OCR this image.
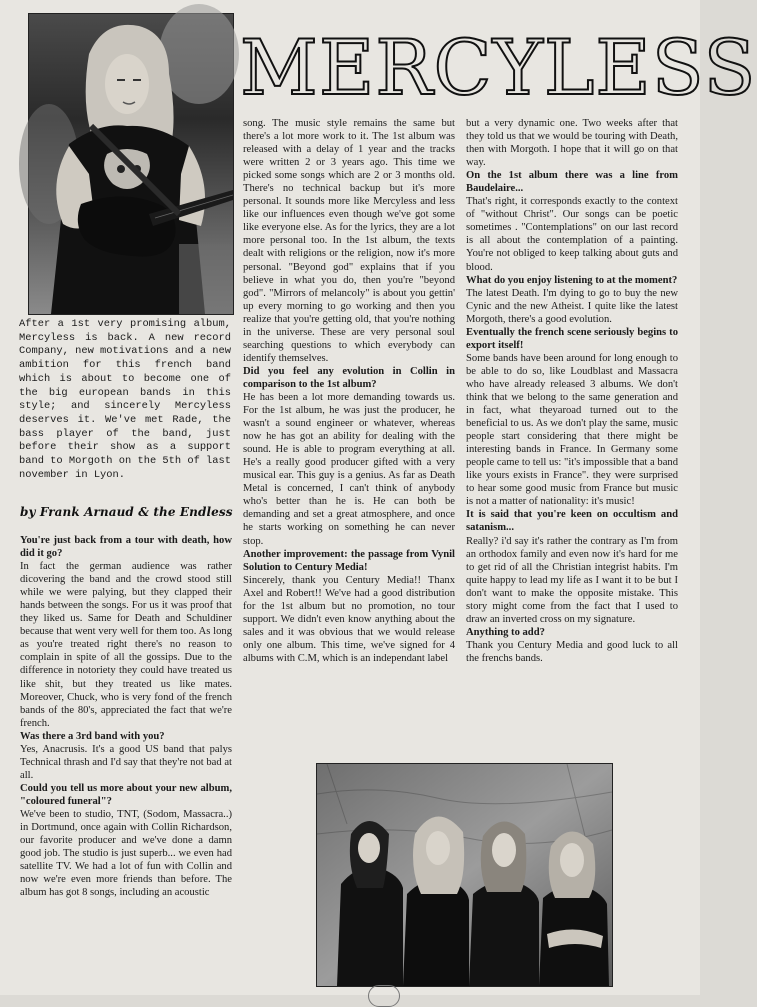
MERCYLESS

After a 1st very promising album, Mercyless is back. A new record Company, new motivations and a new ambition for this french band which is about to become one of the big european bands in this style; and sincerely Mercyless deserves it. We've met Rade, the bass player of the band, just before their show as a support band to Morgoth on the 5th of last november in Lyon.

by Frank Arnaud & the Endless

You're just back from a tour with death, how did it go?

In fact the german audience was rather dicovering the band and the crowd stood still while we were palying, but they clapped their hands between the songs. For us it was proof that they liked us. Same for Death and Schuldiner because that went very well for them too. As long as you're treated right there's no reason to complain in spite of all the gossips. Due to the difference in notoriety they could have treated us like shit, but they treated us like mates. Moreover, Chuck, who is very fond of the french bands of the 80's, appreciated the fact that we're french.

Was there a 3rd band with you?

Yes, Anacrusis. It's a good US band that palys Technical thrash and I'd say that they're not bad at all.

Could you tell us more about your new album, "coloured funeral"?

We've been to studio, TNT, (Sodom, Massacra..) in Dortmund, once again with Collin Richardson, our favorite producer and we've done a damn good job. The studio is just superb... we even had satellite TV. We had a lot of fun with Collin and now we're even more friends than before. The album has got 8 songs, including an acoustic

song. The music style remains the same but there's a lot more work to it. The 1st album was released with a delay of 1 year and the tracks were written 2 or 3 years ago. This time we picked some songs which are 2 or 3 months old. There's no technical backup but it's more personal. It sounds more like Mercyless and less like our influences even though we've got some like everyone else. As for the lyrics, they are a lot more personal too. In the 1st album, the texts dealt with religions or the religion, now it's more personal. "Beyond god" explains that if you believe in what you do, then you're "beyond god". "Mirrors of melancoly" is about you gettin' up every morning to go working and then you realize that you're getting old, that you're nothing in the universe. These are very personal soul searching questions to which everybody can identify themselves.

Did you feel any evolution in Collin in comparison to the 1st album?

He has been a lot more demanding towards us. For the 1st album, he was just the producer, he wasn't a sound engineer or whatever, whereas now he has got an ability for dealing with the sound. He is able to program everything at all. He's a really good producer gifted with a very musical ear. This guy is a genius. As far as Death Metal is concerned, I can't think of anybody who's better than he is. He can both be demanding and set a great atmosphere, and once he starts working on something he can never stop.

Another improvement: the passage from Vynil Solution to Century Media!

Sincerely, thank you Century Media!! Thanx Axel and Robert!! We've had a good distribution for the 1st album but no promotion, no tour support. We didn't even know anything about the sales and it was obvious that we would release only one album. This time, we've signed for 4 albums with C.M, which is an independant label

but a very dynamic one. Two weeks after that they told us that we would be touring with Death, then with Morgoth. I hope that it will go on that way.

On the 1st album there was a line from Baudelaire...

That's right, it corresponds exactly to the context of "without Christ". Our songs can be poetic sometimes . "Contemplations" on our last record is all about the contemplation of a painting. You're not obliged to keep talking about guts and blood.

What do you enjoy listening to at the moment?

The latest Death. I'm dying to go to buy the new Cynic and the new Atheist. I quite like the latest Morgoth, there's a good evolution.

Eventually the french scene seriously begins to export itself!

Some bands have been around for long enough to be able to do so, like Loudblast and Massacra who have already released 3 albums. We don't think that we belong to the same generation and in fact, what theyaroad turned out to the beneficial to us. As we don't play the same, music people start considering that there might be interesting bands in France. In Germany some people came to tell us: "it's impossible that a band like yours exists in France". they were surprised to hear some good music from France but music is not a matter of nationality: it's music!

It is said that you're keen on occultism and satanism...

Really? i'd say it's rather the contrary as I'm from an orthodox family and even now it's hard for me to get rid of all the Christian integrist habits. I'm quite happy to lead my life as I want it to be but I don't want to make the opposite mistake. This story might come from the fact that I used to draw an inverted cross on my signature.

Anything to add?

Thank you Century Media and good luck to all the frenchs bands.
